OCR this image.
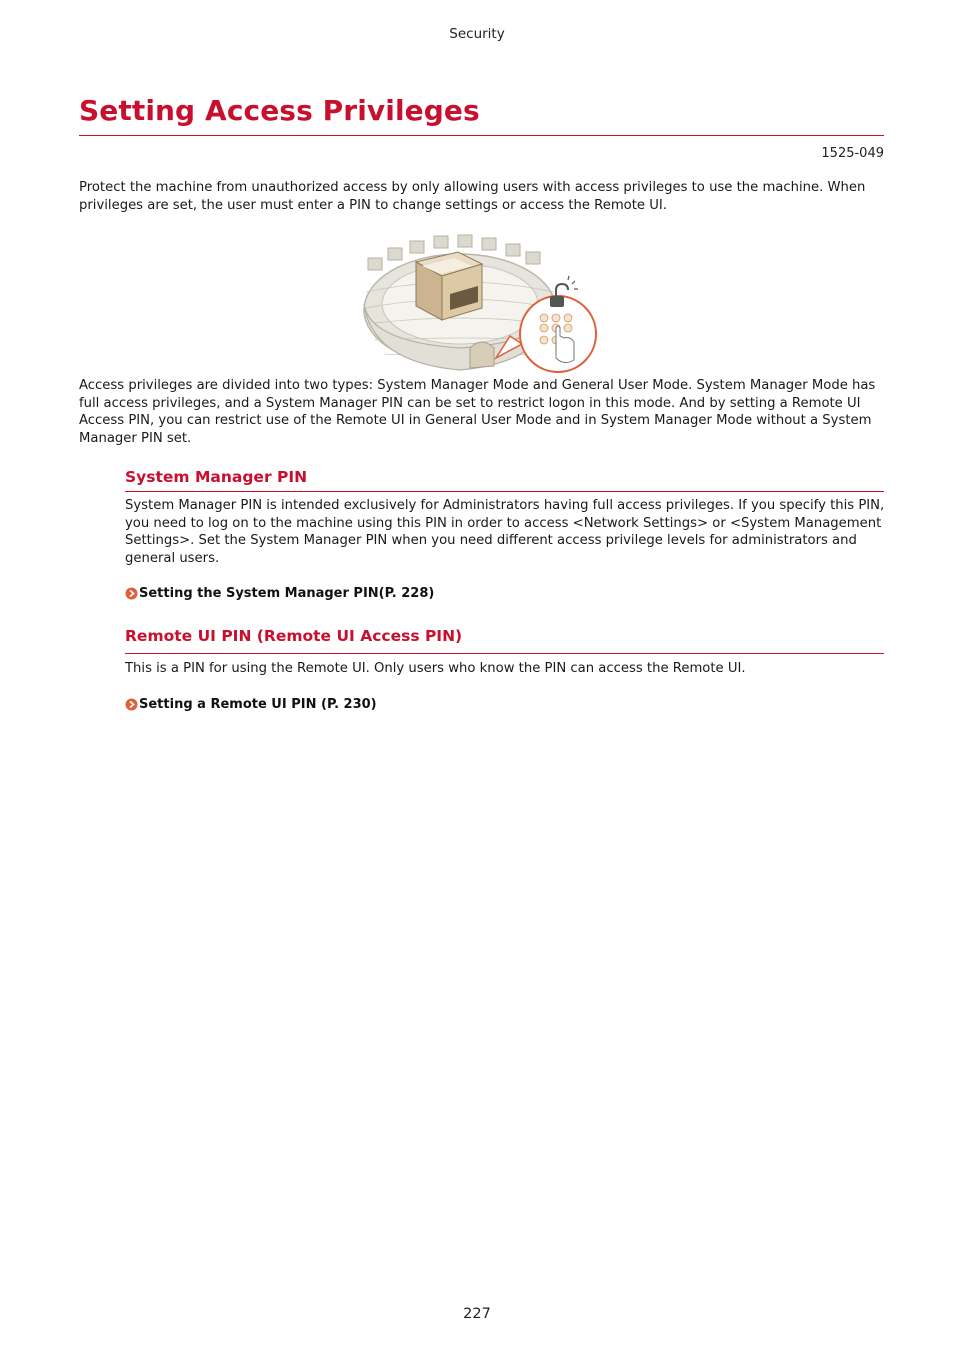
Security
Setting Access Privileges
1525-049

Protect the machine from unauthorized access by only allowing users with access privileges to use the machine. When privileges are set, the user must enter a PIN to change settings or access the Remote UI.

Access privileges are divided into two types: System Manager Mode and General User Mode. System Manager Mode has full access privileges, and a System Manager PIN can be set to restrict logon in this mode. And by setting a Remote UI Access PIN, you can restrict use of the Remote UI in General User Mode and in System Manager Mode without a System Manager PIN set.

System Manager PIN

System Manager PIN is intended exclusively for Administrators having full access privileges. If you specify this PIN, you need to log on to the machine using this PIN in order to access <Network Settings> or <System Management Settings>. Set the System Manager PIN when you need different access privilege levels for administrators and general users.

Setting the System Manager PIN(P. 228)
Remote UI PIN (Remote UI Access PIN)

This is a PIN for using the Remote UI. Only users who know the PIN can access the Remote UI.

Setting a Remote UI PIN (P. 230)
227
